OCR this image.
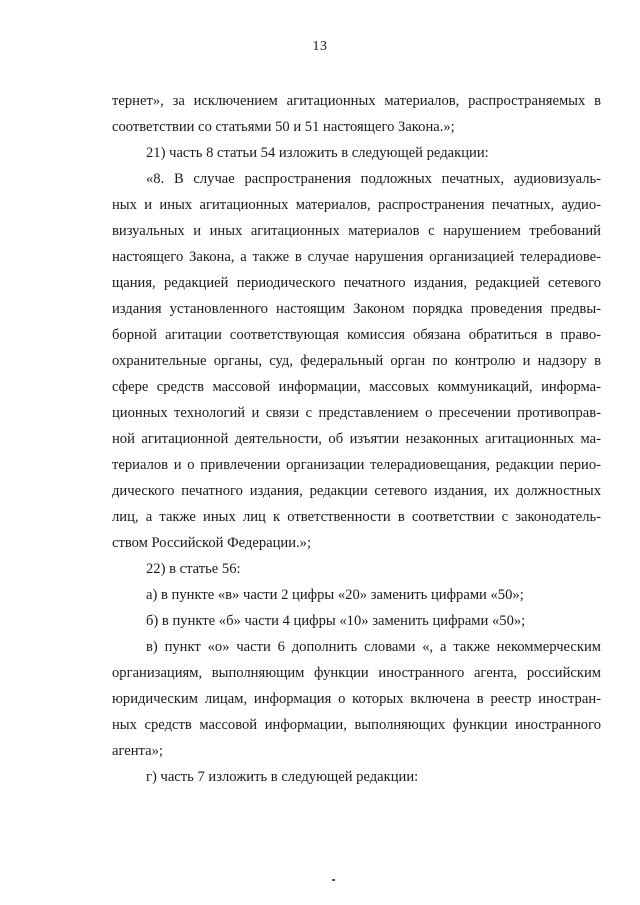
13
тернет», за исключением агитационных материалов, распространяемых в
соответствии со статьями 50 и 51 настоящего Закона.»;
21) часть 8 статьи 54 изложить в следующей редакции:
«8. В случае распространения подложных печатных, аудиовизуаль-
ных и иных агитационных материалов, распространения печатных, аудио-
визуальных и иных агитационных материалов с нарушением требований
настоящего Закона, а также в случае нарушения организацией телерадиове-
щания, редакцией периодического печатного издания, редакцией сетевого
издания установленного настоящим Законом порядка проведения предвы-
борной агитации соответствующая комиссия обязана обратиться в право-
охранительные органы, суд, федеральный орган по контролю и надзору в
сфере средств массовой информации, массовых коммуникаций, информа-
ционных технологий и связи с представлением о пресечении противоправ-
ной агитационной деятельности, об изъятии незаконных агитационных ма-
териалов и о привлечении организации телерадиовещания, редакции перио-
дического печатного издания, редакции сетевого издания, их должностных
лиц, а также иных лиц к ответственности в соответствии с законодатель-
ством Российской Федерации.»;
22) в статье 56:
а) в пункте «в» части 2 цифры «20» заменить цифрами «50»;
б) в пункте «б» части 4 цифры «10» заменить цифрами «50»;
в) пункт «о» части 6 дополнить словами «, а также некоммерческим
организациям, выполняющим функции иностранного агента, российским
юридическим лицам, информация о которых включена в реестр иностран-
ных средств массовой информации, выполняющих функции иностранного
агента»;
г) часть 7 изложить в следующей редакции:
